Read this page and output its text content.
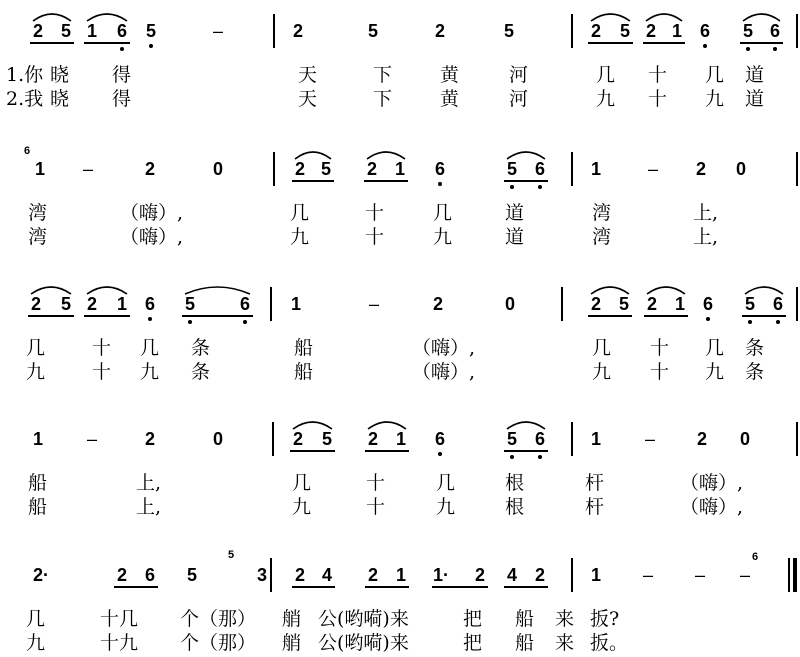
2 5 1 6 5	–	2	5	2	5	2 5 2 1 6 5 6
1.你 晓 得	天	下	黄	河	几 十 几 道
2.我 晓 得	天	下	黄	河	九 十 九 道
1 –	2	0	2 5 2 1 6	5 6	1	– 2 0
6
湾	（嗨）,	几	十	几	道	湾	上,
湾	（嗨）,	九	十	九	道	湾	上,
2 5 2 1 6 5 6 1	–	2	0	2 5 2 1 6 5 6
几 十 几 条	船	（嗨）,	几 十 几 条
九 十 九 条	船	（嗨）,	九 十 九 条
1 –	2	0	2 5 2 1 6	5 6	1 – 2 0
船	上,	几	十	几	根	杆	（嗨）,
船	上,	九	十	九	根	杆	（嗨）,
2·	2 6 5	3 2 4 2 1 1· 2 4 2	1 – – –
5	6
几	十几 个（那） 艄 公(哟嗬)来	把 船 来 扳?
九	十九 个（那） 艄 公(哟嗬)来	把 船 来 扳。
